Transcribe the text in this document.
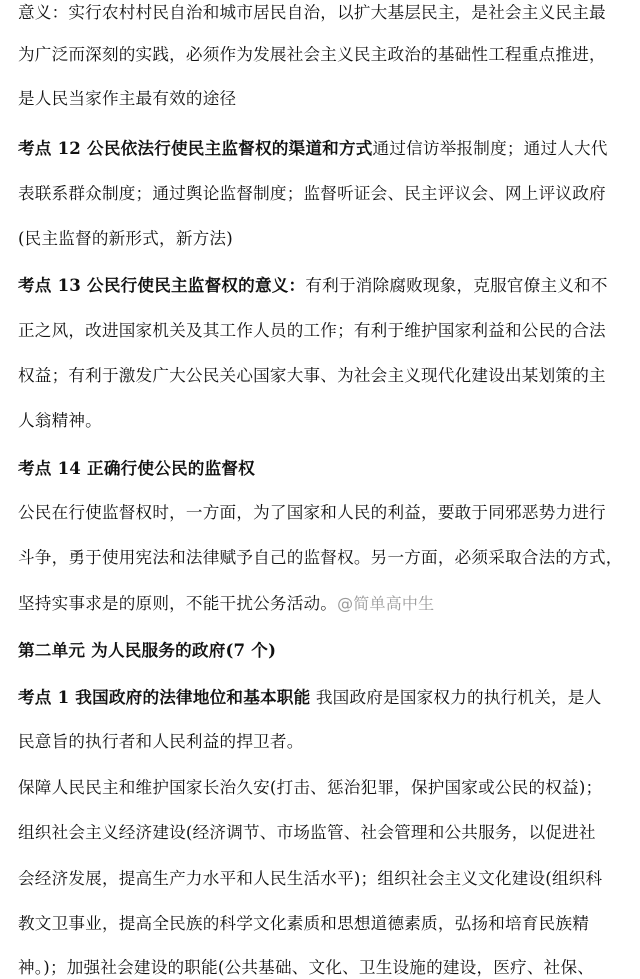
意义：实行农村村民自治和城市居民自治，以扩大基层民主，是社会主义民主最
为广泛而深刻的实践，必须作为发展社会主义民主政治的基础性工程重点推进，
是人民当家作主最有效的途径
考点 12 公民依法行使民主监督权的渠道和方式通过信访举报制度；通过人大代
表联系群众制度；通过舆论监督制度；监督听证会、民主评议会、网上评议政府
(民主监督的新形式，新方法)
考点 13 公民行使民主监督权的意义：有利于消除腐败现象，克服官僚主义和不
正之风，改进国家机关及其工作人员的工作；有利于维护国家利益和公民的合法
权益；有利于激发广大公民关心国家大事、为社会主义现代化建设出某划策的主
人翁精神。
考点 14 正确行使公民的监督权
公民在行使监督权时，一方面，为了国家和人民的利益，要敢于同邪恶势力进行
斗争，勇于使用宪法和法律赋予自己的监督权。另一方面，必须采取合法的方式，
坚持实事求是的原则，不能干扰公务活动。@简单高中生
第二单元 为人民服务的政府(7 个)
考点 1 我国政府的法律地位和基本职能 我国政府是国家权力的执行机关，是人
民意旨的执行者和人民利益的捍卫者。
保障人民民主和维护国家长治久安(打击、惩治犯罪，保护国家或公民的权益)；
组织社会主义经济建设(经济调节、市场监管、社会管理和公共服务，以促进社
会经济发展，提高生产力水平和人民生活水平)；组织社会主义文化建设(组织科
教文卫事业，提高全民族的科学文化素质和思想道德素质，弘扬和培育民族精
神。)；加强社会建设的职能(公共基础、文化、卫生设施的建设，医疗、社保、
